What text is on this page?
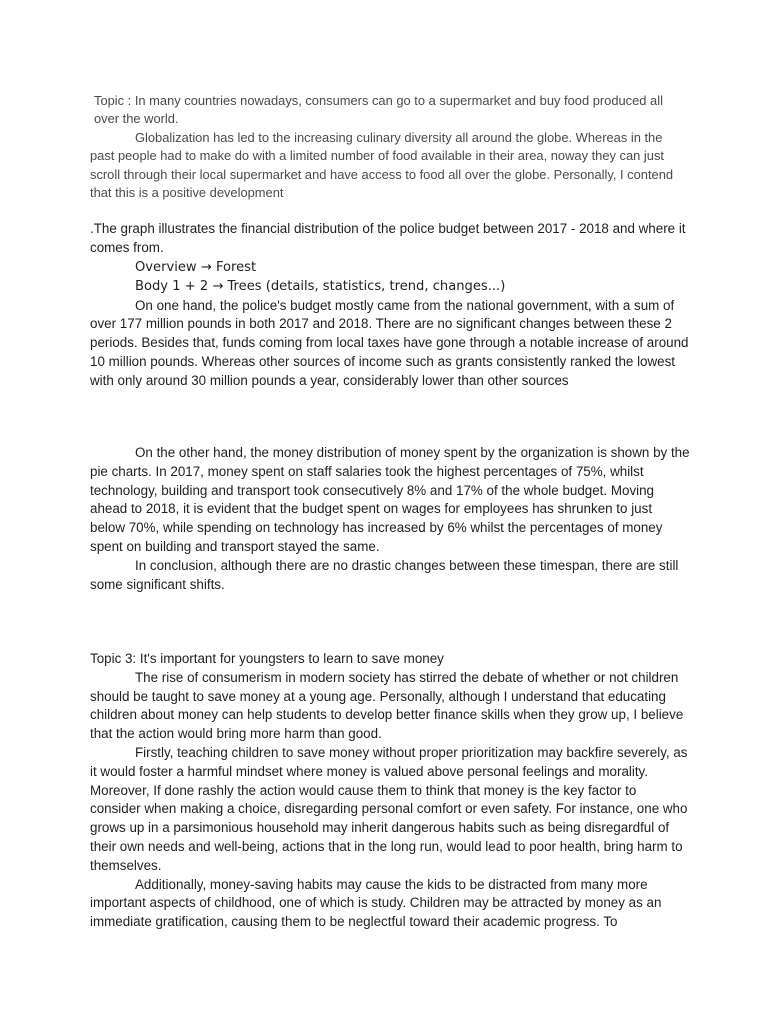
Topic : In many countries nowadays, consumers can go to a supermarket and buy food produced all over the world.

Globalization has led to the increasing culinary diversity all around the globe. Whereas in the past people had to make do with a limited number of food available in their area, noway they can just scroll through their local supermarket and have access to food all over the globe. Personally, I contend that this is a positive development

.The graph illustrates the financial distribution of the police budget between 2017 - 2018 and where it comes from.

Overview → Forest

Body 1 + 2 → Trees (details, statistics, trend, changes...)

On one hand, the police's budget mostly came from the national government, with a sum of over 177 million pounds in both 2017 and 2018. There are no significant changes between these 2 periods. Besides that, funds coming from local taxes have gone through a notable increase of around 10 million pounds. Whereas other sources of income such as grants consistently ranked the lowest with only around 30 million pounds a year, considerably lower than other sources

On the other hand, the money distribution of money spent by the organization is shown by the pie charts. In 2017, money spent on staff salaries took the highest percentages of 75%, whilst technology, building and transport took consecutively 8% and 17% of the whole budget. Moving ahead to 2018, it is evident that the budget spent on wages for employees has shrunken to just below 70%, while spending on technology has increased by 6% whilst the percentages of money spent on building and transport stayed the same.

In conclusion, although there are no drastic changes between these timespan, there are still some significant shifts.

Topic 3: It's important for youngsters to learn to save money

The rise of consumerism in modern society has stirred the debate of whether or not children should be taught to save money at a young age. Personally, although I understand that educating children about money can help students to develop better finance skills when they grow up, I believe that the action would bring more harm than good.

Firstly, teaching children to save money without proper prioritization may backfire severely, as it would foster a harmful mindset where money is valued above personal feelings and morality. Moreover, If done rashly the action would cause them to think that money is the key factor to consider when making a choice, disregarding personal comfort or even safety. For instance, one who grows up in a parsimonious household may inherit dangerous habits such as being disregardful of their own needs and well-being, actions that in the long run, would lead to poor health, bring harm to themselves.

Additionally, money-saving habits may cause the kids to be distracted from many more important aspects of childhood, one of which is study. Children may be attracted by money as an immediate gratification, causing them to be neglectful toward their academic progress. To
